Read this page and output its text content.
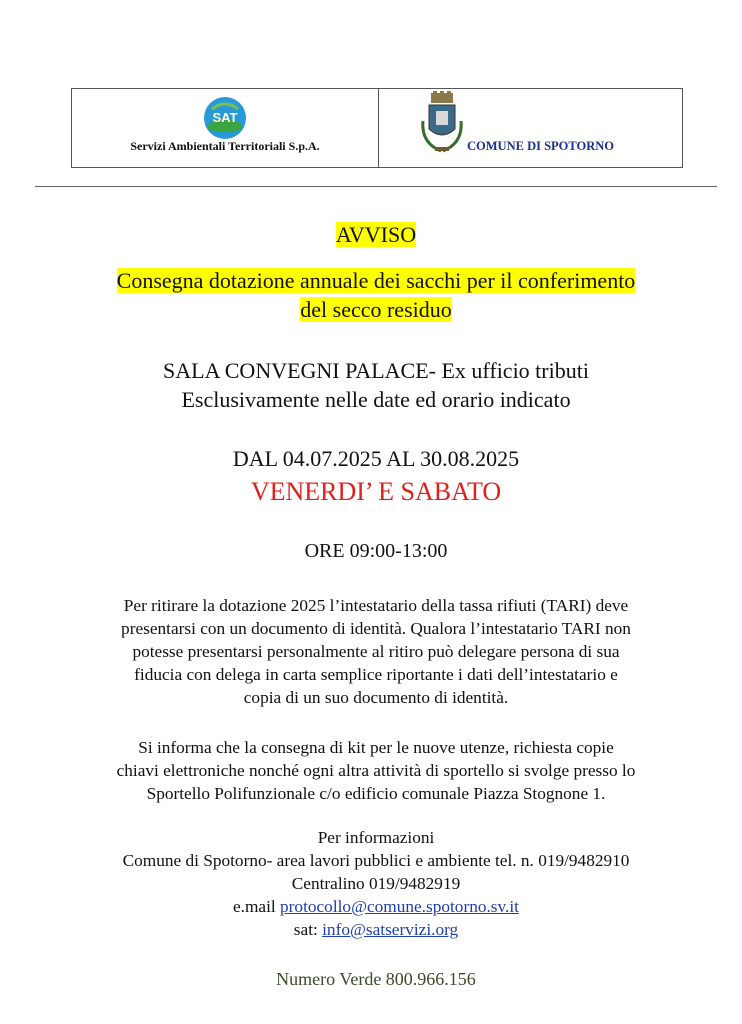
SAT
Servizi Ambientali Territoriali S.p.A.	COMUNE DI SPOTORNO
AVVISO
Consegna dotazione annuale dei sacchi per il conferimento
del secco residuo
SALA CONVEGNI PALACE- Ex ufficio tributi
Esclusivamente nelle date ed orario indicato
DAL 04.07.2025 AL 30.08.2025
VENERDI’ E SABATO
ORE 09:00-13:00
Per ritirare la dotazione 2025 l’intestatario della tassa rifiuti (TARI) deve
presentarsi con un documento di identità. Qualora l’intestatario TARI non
potesse presentarsi personalmente al ritiro può delegare persona di sua
fiducia con delega in carta semplice riportante i dati dell’intestatario e
copia di un suo documento di identità.
Si informa che la consegna di kit per le nuove utenze, richiesta copie
chiavi elettroniche nonché ogni altra attività di sportello si svolge presso lo
Sportello Polifunzionale c/o edificio comunale Piazza Stognone 1.
Per informazioni
Comune di Spotorno- area lavori pubblici e ambiente tel. n. 019/9482910
Centralino 019/9482919
e.mail protocollo@comune.spotorno.sv.it
sat: info@satservizi.org
Numero Verde 800.966.156
